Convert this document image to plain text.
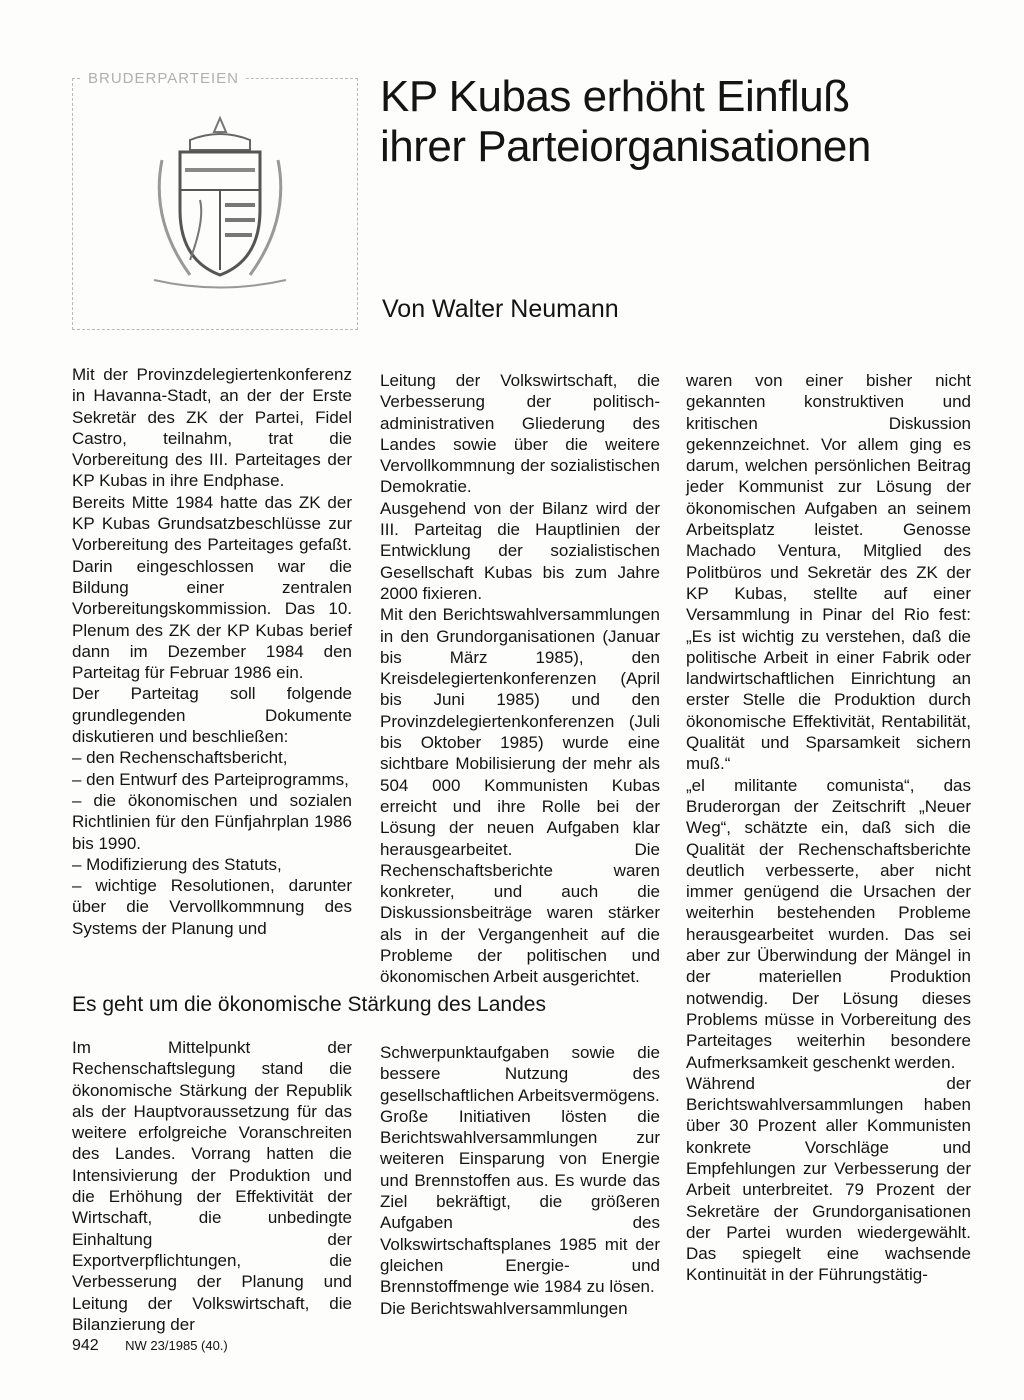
BRUDERPARTEIEN	KP Kubas erhöht Einfluß
ihrer Parteiorganisationen

Von Walter Neumann

Mit der Provinzdelegiertenkonferenz in Havanna-Stadt, an der der Erste Sekretär des ZK der Partei, Fidel Castro, teilnahm, trat die Vorbereitung des III. Parteitages der KP Kubas in ihre Endphase.

Bereits Mitte 1984 hatte das ZK der KP Kubas Grundsatzbeschlüsse zur Vorbereitung des Parteitages gefaßt. Darin eingeschlossen war die Bildung einer zentralen Vorbereitungskommission. Das 10. Plenum des ZK der KP Kubas berief dann im Dezember 1984 den Parteitag für Februar 1986 ein.

Der Parteitag soll folgende grundlegenden Dokumente diskutieren und beschließen:

– den Rechenschaftsbericht,

– den Entwurf des Parteiprogramms,

– die ökonomischen und sozialen Richtlinien für den Fünfjahrplan 1986 bis 1990.

– Modifizierung des Statuts,

– wichtige Resolutionen, darunter über die Vervollkommnung des Systems der Planung und

Leitung der Volkswirtschaft, die Verbesserung der politisch-administrativen Gliederung des Landes sowie über die weitere Vervollkommnung der sozialistischen Demokratie.

Ausgehend von der Bilanz wird der III. Parteitag die Hauptlinien der Entwicklung der sozialistischen Gesellschaft Kubas bis zum Jahre 2000 fixieren.

Mit den Berichtswahlversammlungen in den Grundorganisationen (Januar bis März 1985), den Kreisdelegiertenkonferenzen (April bis Juni 1985) und den Provinzdelegiertenkonferenzen (Juli bis Oktober 1985) wurde eine sichtbare Mobilisierung der mehr als 504 000 Kommunisten Kubas erreicht und ihre Rolle bei der Lösung der neuen Aufgaben klar herausgearbeitet. Die Rechenschaftsberichte waren konkreter, und auch die Diskussionsbeiträge waren stärker als in der Vergangenheit auf die Probleme der politischen und ökonomischen Arbeit ausgerichtet.

waren von einer bisher nicht gekannten konstruktiven und kritischen Diskussion gekennzeichnet. Vor allem ging es darum, welchen persönlichen Beitrag jeder Kommunist zur Lösung der ökonomischen Aufgaben an seinem Arbeitsplatz leistet. Genosse Machado Ventura, Mitglied des Politbüros und Sekretär des ZK der KP Kubas, stellte auf einer Versammlung in Pinar del Rio fest: „Es ist wichtig zu verstehen, daß die politische Arbeit in einer Fabrik oder landwirtschaftlichen Einrichtung an erster Stelle die Produktion durch ökonomische Effektivität, Rentabilität, Qualität und Sparsamkeit sichern muß.“

„el militante comunista“, das Bruderorgan der Zeitschrift „Neuer Weg“, schätzte ein, daß sich die Qualität der Rechenschaftsberichte deutlich verbesserte, aber nicht immer genügend die Ursachen der weiterhin bestehenden Probleme herausgearbeitet wurden. Das sei aber zur Überwindung der Mängel in der materiellen Produktion notwendig. Der Lösung dieses Problems müsse in Vorbereitung des Parteitages weiterhin besondere Aufmerksamkeit geschenkt werden.

Während der Berichtswahlversammlungen haben über 30 Prozent aller Kommunisten konkrete Vorschläge und Empfehlungen zur Verbesserung der Arbeit unterbreitet. 79 Prozent der Sekretäre der Grundorganisationen der Partei wurden wiedergewählt. Das spiegelt eine wachsende Kontinuität in der Führungstätig-

Es geht um die ökonomische Stärkung des Landes

Im Mittelpunkt der Rechenschaftslegung stand die ökonomische Stärkung der Republik als der Hauptvoraussetzung für das weitere erfolgreiche Voranschreiten des Landes. Vorrang hatten die Intensivierung der Produktion und die Erhöhung der Effektivität der Wirtschaft, die unbedingte Einhaltung der Exportverpflichtungen, die Verbesserung der Planung und Leitung der Volkswirtschaft, die Bilanzierung der

Schwerpunktaufgaben sowie die bessere Nutzung des gesellschaftlichen Arbeitsvermögens.

Große Initiativen lösten die Berichtswahlversammlungen zur weiteren Einsparung von Energie und Brennstoffen aus. Es wurde das Ziel bekräftigt, die größeren Aufgaben des Volkswirtschaftsplanes 1985 mit der gleichen Energie- und Brennstoffmenge wie 1984 zu lösen.

Die Berichtswahlversammlungen

942 NW 23/1985 (40.)
